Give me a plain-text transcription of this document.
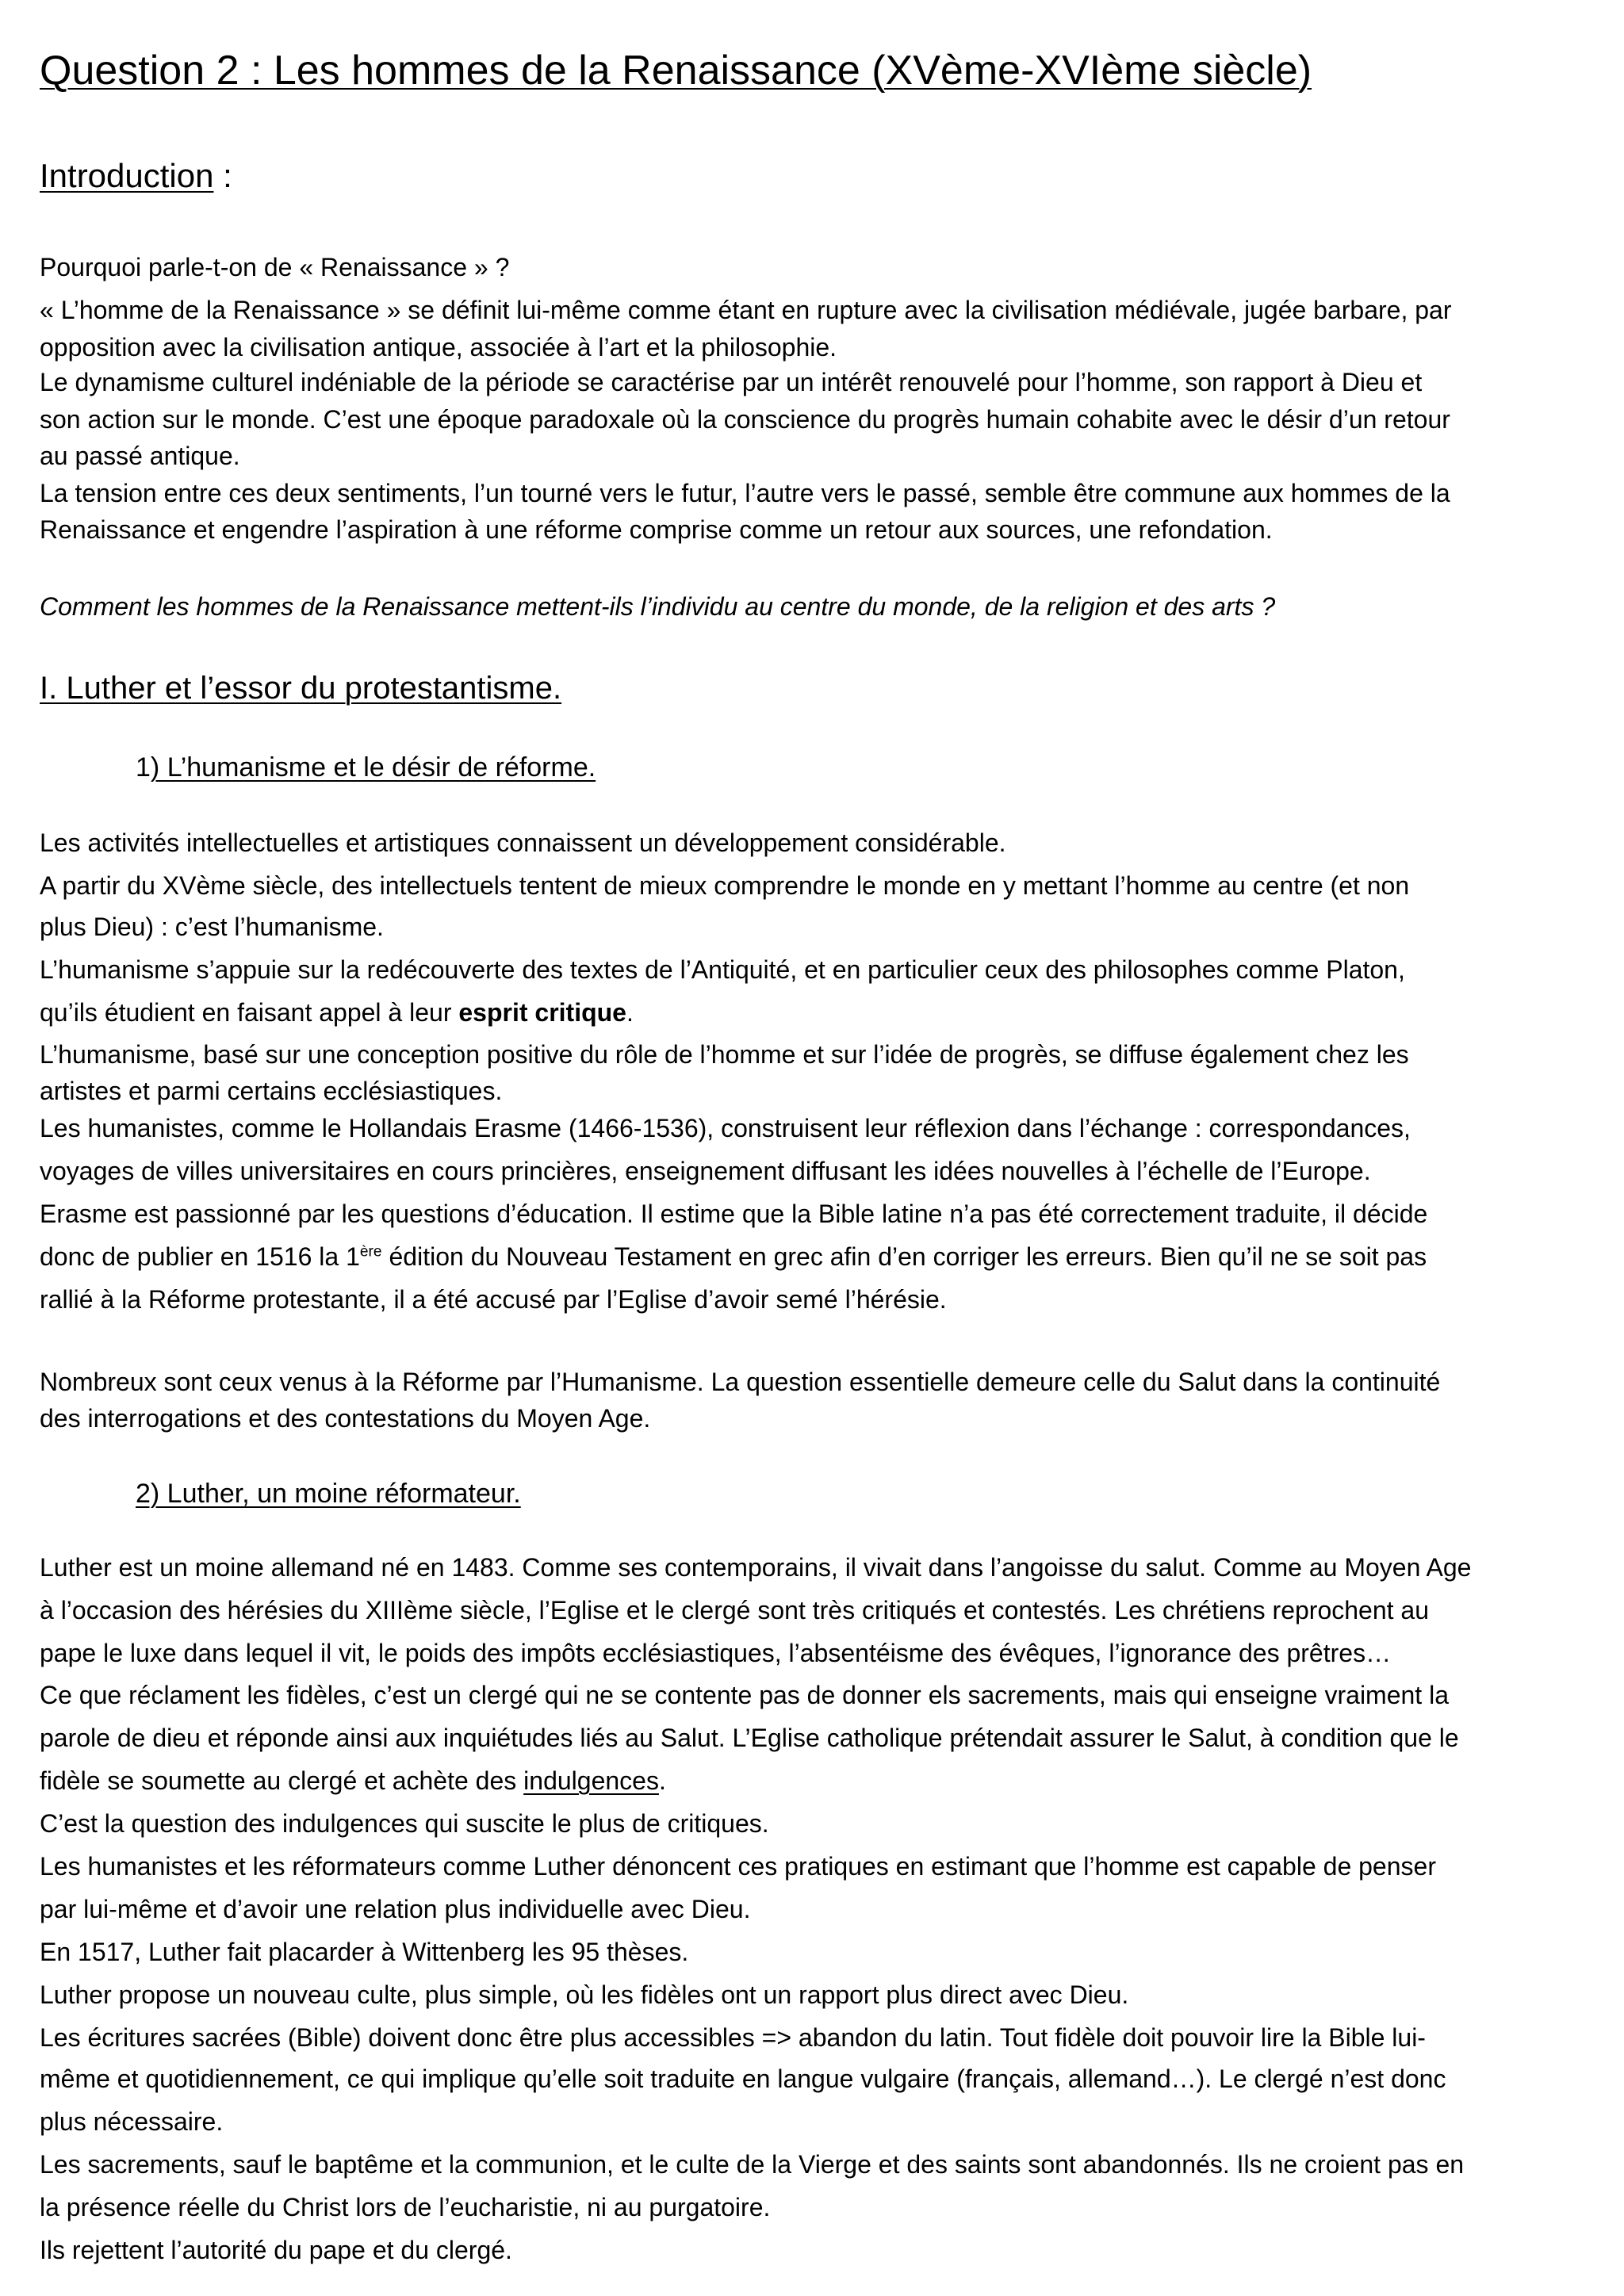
Question 2 : Les hommes de la Renaissance (XVème-XVIème siècle)
Introduction :
Pourquoi parle-t-on de « Renaissance » ?
« L’homme de la Renaissance » se définit lui-même comme étant en rupture avec la civilisation médiévale, jugée barbare, par
opposition avec la civilisation antique, associée à l’art et la philosophie.
Le dynamisme culturel indéniable de la période se caractérise par un intérêt renouvelé pour l’homme, son rapport à Dieu et
son action sur le monde. C’est une époque paradoxale où la conscience du progrès humain cohabite avec le désir d’un retour
au passé antique.
La tension entre ces deux sentiments, l’un tourné vers le futur, l’autre vers le passé, semble être commune aux hommes de la
Renaissance et engendre l’aspiration à une réforme comprise comme un retour aux sources, une refondation.
Comment les hommes de la Renaissance mettent-ils l’individu au centre du monde, de la religion et des arts ?
I. Luther et l’essor du protestantisme.
1) L’humanisme et le désir de réforme.
Les activités intellectuelles et artistiques connaissent un développement considérable.
A partir du XVème siècle, des intellectuels tentent de mieux comprendre le monde en y mettant l’homme au centre (et non
plus Dieu) : c’est l’humanisme.
L’humanisme s’appuie sur la redécouverte des textes de l’Antiquité, et en particulier ceux des philosophes comme Platon,
qu’ils étudient en faisant appel à leur esprit critique.
L’humanisme, basé sur une conception positive du rôle de l’homme et sur l’idée de progrès, se diffuse également chez les
artistes et parmi certains ecclésiastiques.
Les humanistes, comme le Hollandais Erasme (1466-1536), construisent leur réflexion dans l’échange : correspondances,
voyages de villes universitaires en cours princières, enseignement diffusant les idées nouvelles à l’échelle de l’Europe.
Erasme est passionné par les questions d’éducation. Il estime que la Bible latine n’a pas été correctement traduite, il décide
donc de publier en 1516 la 1ère édition du Nouveau Testament en grec afin d’en corriger les erreurs. Bien qu’il ne se soit pas
rallié à la Réforme protestante, il a été accusé par l’Eglise d’avoir semé l’hérésie.
Nombreux sont ceux venus à la Réforme par l’Humanisme. La question essentielle demeure celle du Salut dans la continuité
des interrogations et des contestations du Moyen Age.
2) Luther, un moine réformateur.
Luther est un moine allemand né en 1483. Comme ses contemporains, il vivait dans l’angoisse du salut. Comme au Moyen Age
à l’occasion des hérésies du XIIIème siècle, l’Eglise et le clergé sont très critiqués et contestés. Les chrétiens reprochent au
pape le luxe dans lequel il vit, le poids des impôts ecclésiastiques, l’absentéisme des évêques, l’ignorance des prêtres…
Ce que réclament les fidèles, c’est un clergé qui ne se contente pas de donner els sacrements, mais qui enseigne vraiment la
parole de dieu et réponde ainsi aux inquiétudes liés au Salut. L’Eglise catholique prétendait assurer le Salut, à condition que le
fidèle se soumette au clergé et achète des indulgences.
C’est la question des indulgences qui suscite le plus de critiques.
Les humanistes et les réformateurs comme Luther dénoncent ces pratiques en estimant que l’homme est capable de penser
par lui-même et d’avoir une relation plus individuelle avec Dieu.
En 1517, Luther fait placarder à Wittenberg les 95 thèses.
Luther propose un nouveau culte, plus simple, où les fidèles ont un rapport plus direct avec Dieu.
Les écritures sacrées (Bible) doivent donc être plus accessibles => abandon du latin. Tout fidèle doit pouvoir lire la Bible lui-
même et quotidiennement, ce qui implique qu’elle soit traduite en langue vulgaire (français, allemand…). Le clergé n’est donc
plus nécessaire.
Les sacrements, sauf le baptême et la communion, et le culte de la Vierge et des saints sont abandonnés. Ils ne croient pas en
la présence réelle du Christ lors de l’eucharistie, ni au purgatoire.
Ils rejettent l’autorité du pape et du clergé.
